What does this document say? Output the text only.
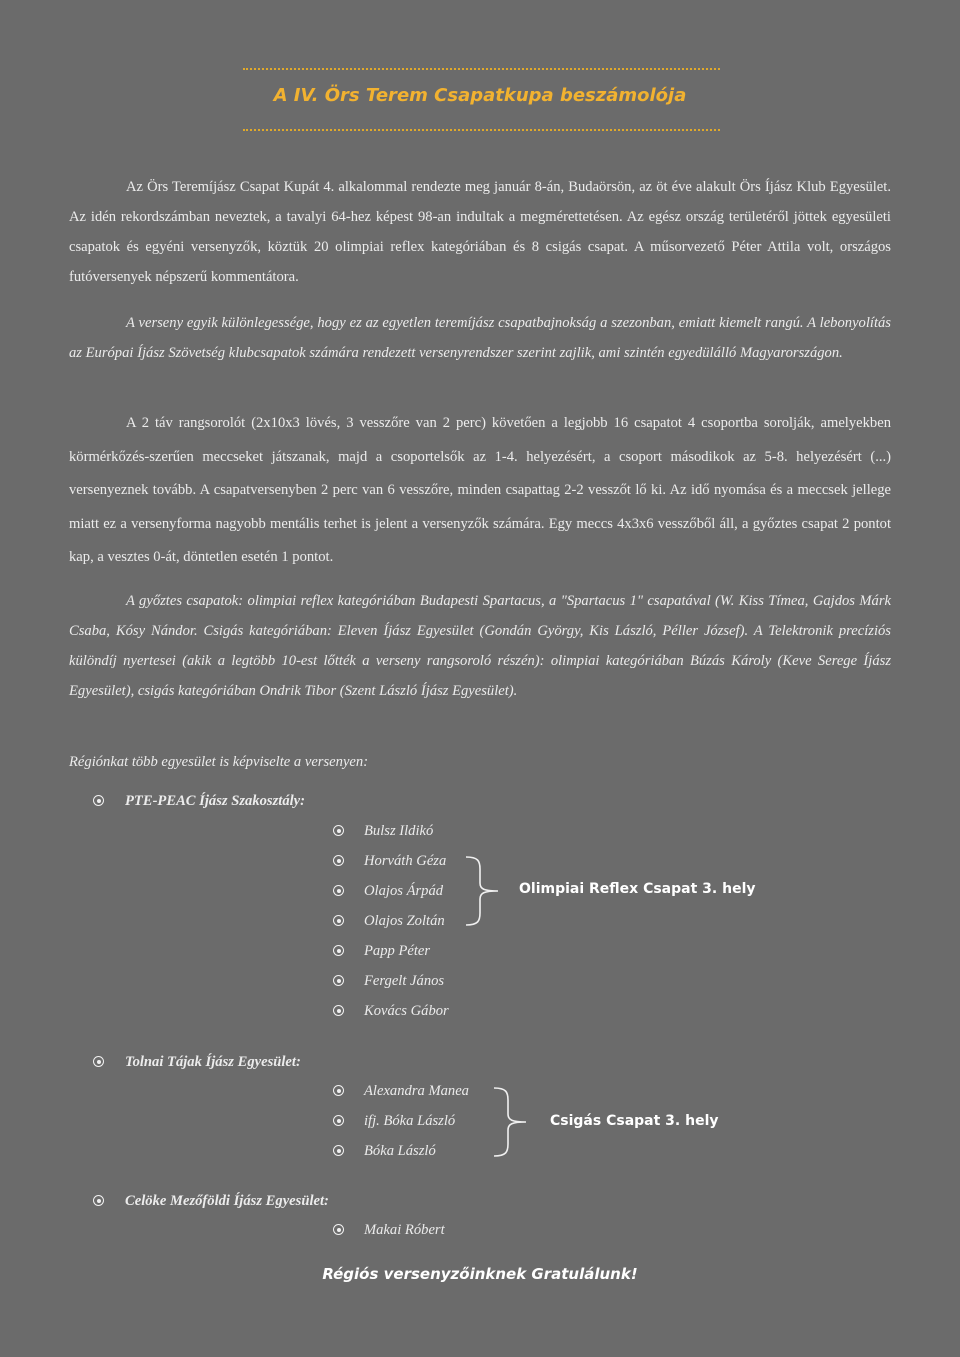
A IV. Örs Terem Csapatkupa beszámolója

Az Örs Teremíjász Csapat Kupát 4. alkalommal rendezte meg január 8-án, Budaörsön, az öt éve alakult Örs Íjász Klub Egyesület. Az idén rekordszámban neveztek, a tavalyi 64-hez képest 98-an indultak a megmérettetésen. Az egész ország területéről jöttek egyesületi csapatok és egyéni versenyzők, köztük 20 olimpiai reflex kategóriában és 8 csigás csapat. A műsorvezető Péter Attila volt, országos futóversenyek népszerű kommentátora.

A verseny egyik különlegessége, hogy ez az egyetlen teremíjász csapatbajnokság a szezonban, emiatt kiemelt rangú. A lebonyolítás az Európai Íjász Szövetség klubcsapatok számára rendezett versenyrendszer szerint zajlik, ami szintén egyedülálló Magyarországon.

A 2 táv rangsorolót (2x10x3 lövés, 3 vesszőre van 2 perc) követően a legjobb 16 csapatot 4 csoportba sorolják, amelyekben körmérkőzés-szerűen meccseket játszanak, majd a csoportelsők az 1-4. helyezésért, a csoport másodikok az 5-8. helyezésért (...) versenyeznek tovább. A csapatversenyben 2 perc van 6 vesszőre, minden csapattag 2-2 vesszőt lő ki. Az idő nyomása és a meccsek jellege miatt ez a versenyforma nagyobb mentális terhet is jelent a versenyzők számára. Egy meccs 4x3x6 vesszőből áll, a győztes csapat 2 pontot kap, a vesztes 0-át, döntetlen esetén 1 pontot.

A győztes csapatok: olimpiai reflex kategóriában Budapesti Spartacus, a "Spartacus 1" csapatával (W. Kiss Tímea, Gajdos Márk Csaba, Kósy Nándor. Csigás kategóriában: Eleven Íjász Egyesület (Gondán György, Kis László, Péller József). A Telektronik precíziós különdíj nyertesei (akik a legtöbb 10-est lőtték a verseny rangsoroló részén): olimpiai kategóriában Búzás Károly (Keve Serege Íjász Egyesület), csigás kategóriában Ondrik Tibor (Szent László Íjász Egyesület).

Régiónkat több egyesület is képviselte a versenyen:

PTE-PEAC Íjász Szakosztály:

Bulsz Ildikó

Horváth Géza

Olajos Árpád

Olajos Zoltán

Papp Péter

Fergelt János

Kovács Gábor

Olimpiai Reflex Csapat 3. hely

Tolnai Tájak Íjász Egyesület:

Alexandra Manea

ifj. Bóka László

Bóka László

Csigás Csapat 3. hely

Celöke Mezőföldi Íjász Egyesület:

Makai Róbert

Régiós versenyzőinknek Gratulálunk!
